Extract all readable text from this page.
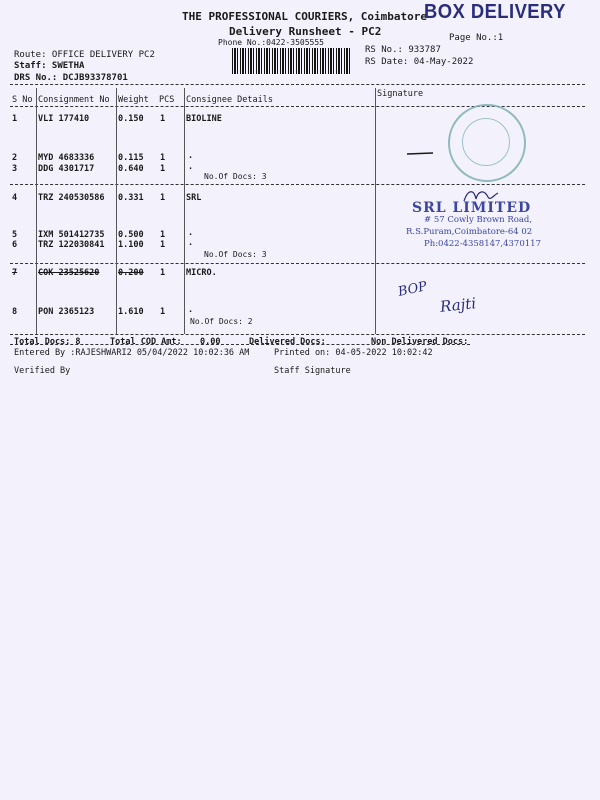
THE PROFESSIONAL COURIERS, Coimbatore
BOX DELIVERY
Delivery Runsheet - PC2
Phone No.:0422-3505555	Page No.:1
Route: OFFICE DELIVERY PC2
Staff: SWETHA
DRS No.: DCJB93378701
RS No.: 933787
RS Date: 04-May-2022
S No Consignment No Weight PCS Consignee Details
Signature
1 VLI 177410	0.150 1 BIOLINE
2 MYD 4683336	0.115 1	.
3 DDG 4301717	0.640 1	.
No.Of Docs: 3
4 TRZ 240530586 0.331 1 SRL
5 IXM 501412735 0.500 1	.
6 TRZ 122030841 1.100 1	.
No.Of Docs: 3
7 COK 23525620 0.200 1 MICRO.
8 PON 2365123	1.610 1	.
No.Of Docs: 2
SRL LIMITED
# 57 Cowly Brown Road,
R.S.Puram,Coimbatore-64 02
Ph:0422-4358147,4370117
BOP
Rajti
Total Docs: 8	Total COD Amt: 0.00	Delivered Docs:	Non Delivered Docs:
Entered By :RAJESHWARI2 05/04/2022 10:02:36 AM	Printed on: 04-05-2022 10:02:42
Verified By	Staff Signature
